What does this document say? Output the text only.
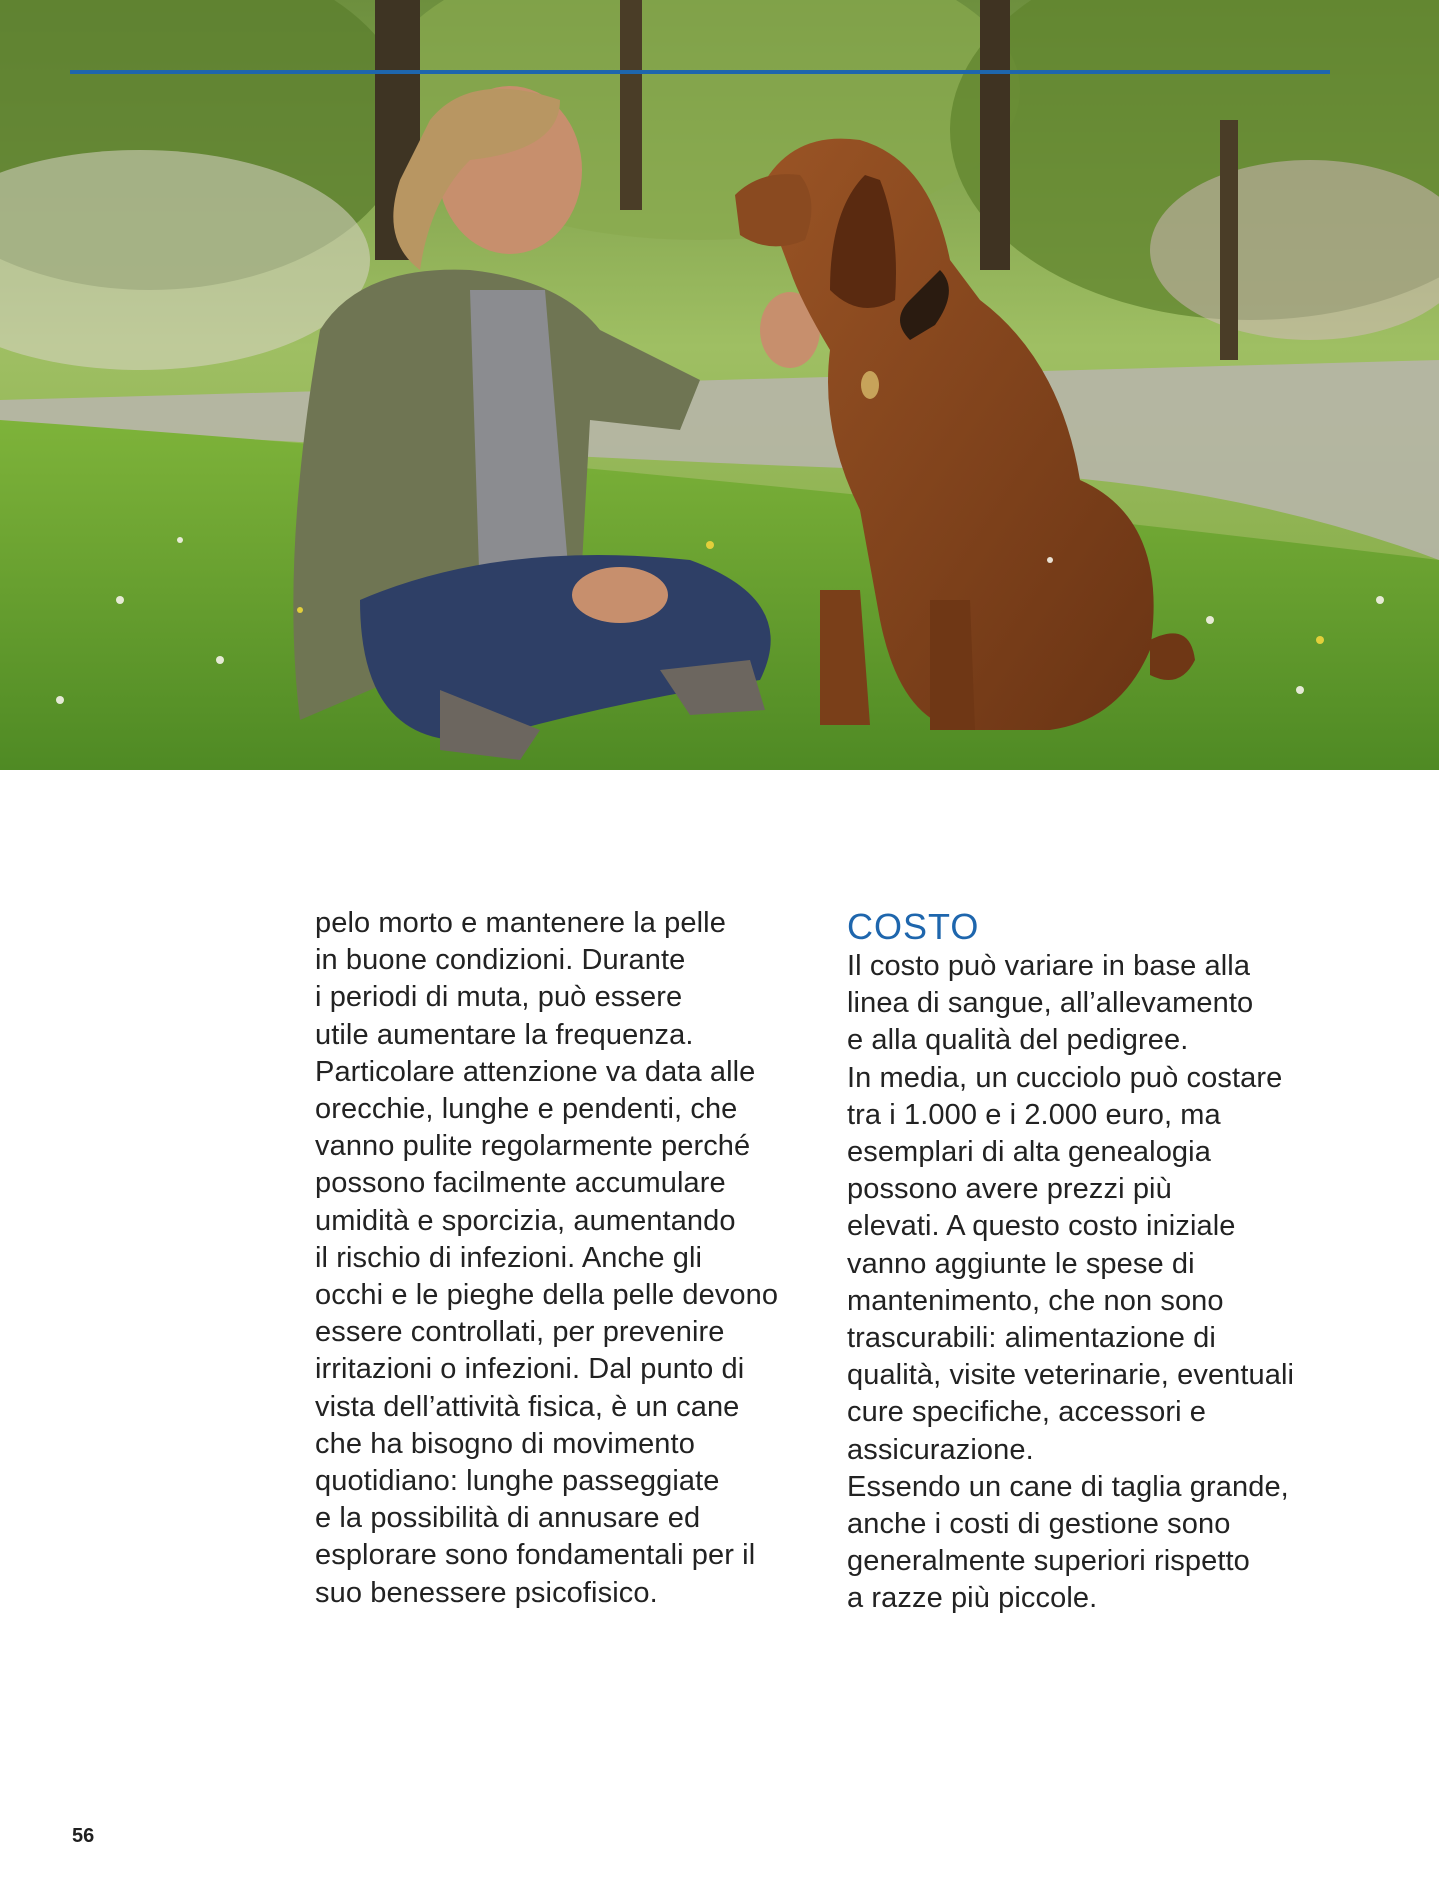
pelo morto e mantenere la pelle
in buone condizioni. Durante
i periodi di muta, può essere
utile aumentare la frequenza.
Particolare attenzione va data alle
orecchie, lunghe e pendenti, che
vanno pulite regolarmente perché
possono facilmente accumulare
umidità e sporcizia, aumentando
il rischio di infezioni. Anche gli
occhi e le pieghe della pelle devono
essere controllati, per prevenire
irritazioni o infezioni. Dal punto di
vista dell’attività fisica, è un cane
che ha bisogno di movimento
quotidiano: lunghe passeggiate
e la possibilità di annusare ed
esplorare sono fondamentali per il
suo benessere psicofisico.
COSTO
Il costo può variare in base alla
linea di sangue, all’allevamento
e alla qualità del pedigree.
In media, un cucciolo può costare
tra i 1.000 e i 2.000 euro, ma
esemplari di alta genealogia
possono avere prezzi più
elevati. A questo costo iniziale
vanno aggiunte le spese di
mantenimento, che non sono
trascurabili: alimentazione di
qualità, visite veterinarie, eventuali
cure specifiche, accessori e
assicurazione.
Essendo un cane di taglia grande,
anche i costi di gestione sono
generalmente superiori rispetto
a razze più piccole.
56
